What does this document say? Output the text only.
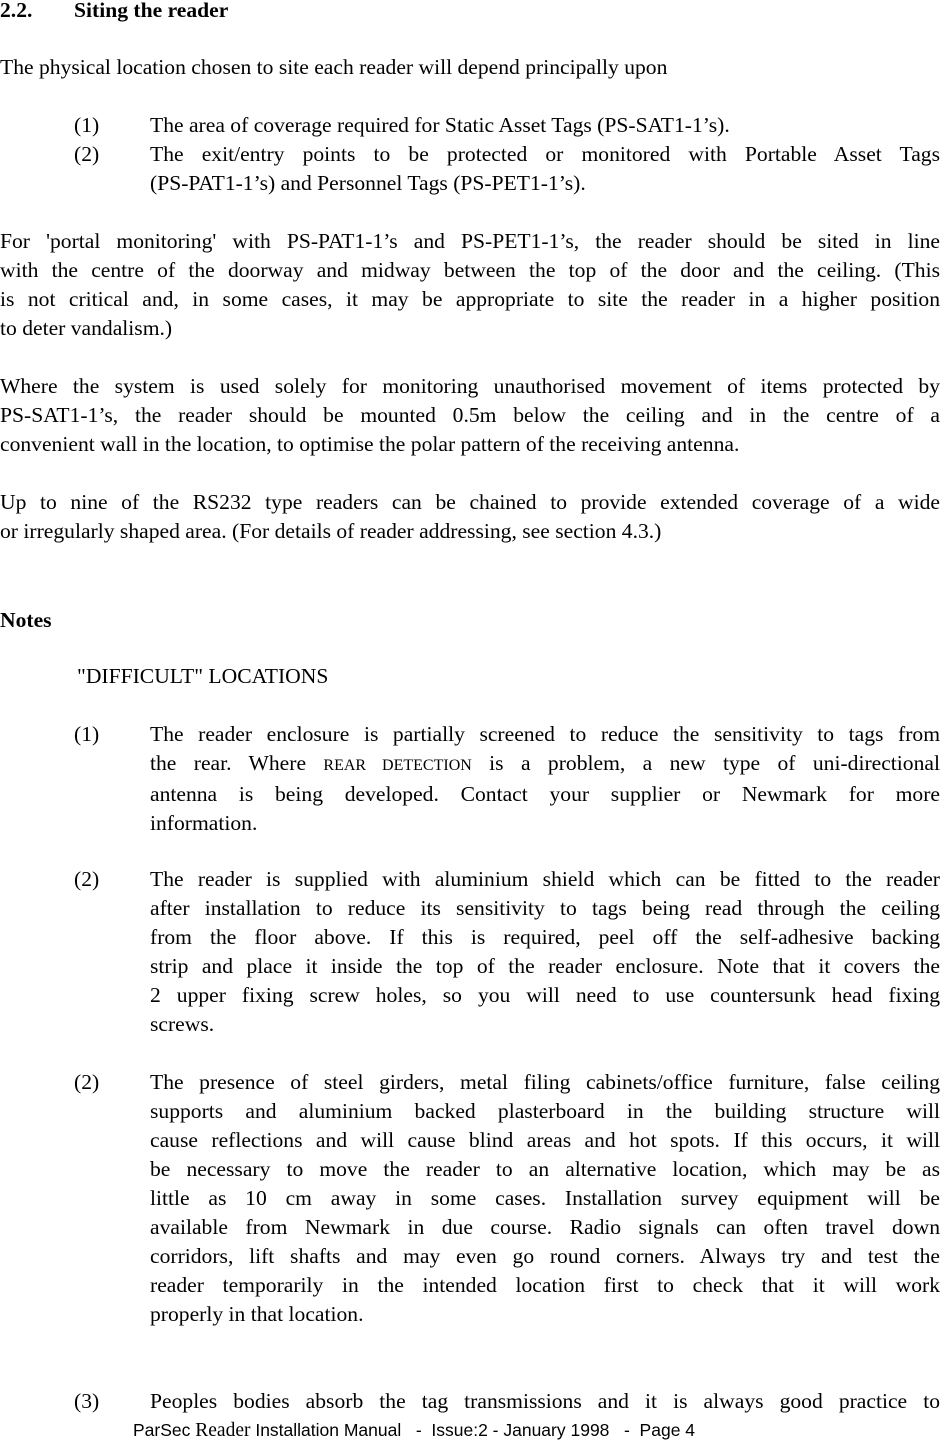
2.2. Siting the reader
The physical location chosen to site each reader will depend principally upon
(1) The area of coverage required for Static Asset Tags (PS-SAT1-1’s).
(2) The exit/entry points to be protected or monitored with Portable Asset Tags
(PS-PAT1-1’s) and Personnel Tags (PS-PET1-1’s).
For 'portal monitoring' with PS-PAT1-1’s and PS-PET1-1’s, the reader should be sited in line
with the centre of the doorway and midway between the top of the door and the ceiling. (This
is not critical and, in some cases, it may be appropriate to site the reader in a higher position
to deter vandalism.)
Where the system is used solely for monitoring unauthorised movement of items protected by
PS-SAT1-1’s, the reader should be mounted 0.5m below the ceiling and in the centre of a
convenient wall in the location, to optimise the polar pattern of the receiving antenna.
Up to nine of the RS232 type readers can be chained to provide extended coverage of a wide
or irregularly shaped area. (For details of reader addressing, see section 4.3.)
Notes
"DIFFICULT" LOCATIONS
(1) The reader enclosure is partially screened to reduce the sensitivity to tags from
the rear. Where REAR DETECTION is a problem, a new type of uni-directional
antenna is being developed. Contact your supplier or Newmark for more
information.
(2) The reader is supplied with aluminium shield which can be fitted to the reader
after installation to reduce its sensitivity to tags being read through the ceiling
from the floor above. If this is required, peel off the self-adhesive backing
strip and place it inside the top of the reader enclosure. Note that it covers the
2 upper fixing screw holes, so you will need to use countersunk head fixing
screws.
(2) The presence of steel girders, metal filing cabinets/office furniture, false ceiling
supports and aluminium backed plasterboard in the building structure will
cause reflections and will cause blind areas and hot spots. If this occurs, it will
be necessary to move the reader to an alternative location, which may be as
little as 10 cm away in some cases. Installation survey equipment will be
available from Newmark in due course. Radio signals can often travel down
corridors, lift shafts and may even go round corners. Always try and test the
reader temporarily in the intended location first to check that it will work
properly in that location.
(3) Peoples bodies absorb the tag transmissions and it is always good practice to
ParSec Reader Installation Manual   -  Issue:2 - January 1998   -  Page 4
